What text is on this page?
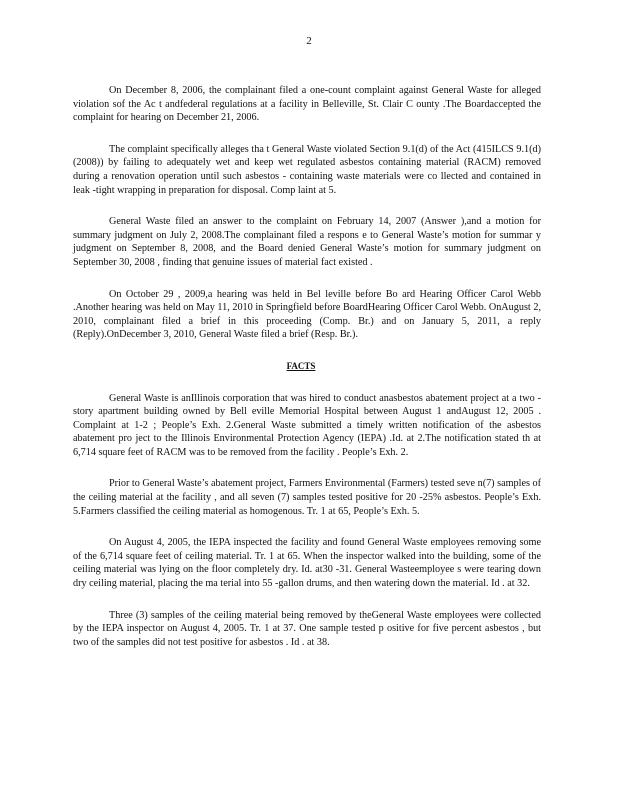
2

On December 8, 2006, the complainant filed a one-count complaint against General Waste for alleged violation sof the Ac t andfederal regulations at a facility in Belleville, St. Clair C ounty .The Boardaccepted the complaint for hearing on December 21, 2006.

The complaint specifically alleges tha t General Waste violated Section 9.1(d) of the Act (415ILCS 9.1(d) (2008)) by failing to adequately wet and keep wet regulated asbestos containing material (RACM) removed during a renovation operation until such asbestos - containing waste materials were co llected and contained in leak -tight wrapping in preparation for disposal. Comp laint at 5.

General Waste filed an answer to the complaint on February 14, 2007 (Answer ),and a motion for summary judgment on July 2, 2008.The complainant filed a respons e to General Waste’s motion for summar y judgment on September 8, 2008, and the Board denied General Waste’s motion for summary judgment on September 30, 2008 , finding that genuine issues of material fact existed .

On October 29 , 2009,a hearing was held in Bel leville before Bo ard Hearing Officer Carol Webb .Another hearing was held on May 11, 2010 in Springfield before BoardHearing Officer Carol Webb. OnAugust 2, 2010, complainant filed a brief in this proceeding (Comp. Br.) and on January 5, 2011, a reply (Reply).OnDecember 3, 2010, General Waste filed a brief (Resp. Br.).

FACTS

General Waste is anIllinois corporation that was hired to conduct anasbestos abatement project at a two -story apartment building owned by Bell eville Memorial Hospital between August 1 andAugust 12, 2005 . Complaint at 1-2 ; People’s Exh. 2.General Waste submitted a timely written notification of the asbestos abatement pro ject to the Illinois Environmental Protection Agency (IEPA) .Id. at 2.The notification stated th at 6,714 square feet of RACM was to be removed from the facility . People’s Exh. 2.

Prior to General Waste’s abatement project, Farmers Environmental (Farmers) tested seve n(7) samples of the ceiling material at the facility , and all seven (7) samples tested positive for 20 -25% asbestos. People’s Exh. 5.Farmers classified the ceiling material as homogenous. Tr. 1 at 65, People’s Exh. 5.

On August 4, 2005, the IEPA inspected the facility and found General Waste employees removing some of the 6,714 square feet of ceiling material. Tr. 1 at 65. When the inspector walked into the building, some of the ceiling material was lying on the floor completely dry. Id. at30 -31. General Wasteemployee s were tearing down dry ceiling material, placing the ma terial into 55 -gallon drums, and then watering down the material. Id . at 32.

Three (3) samples of the ceiling material being removed by theGeneral Waste employees were collected by the IEPA inspector on August 4, 2005. Tr. 1 at 37. One sample tested p ositive for five percent asbestos , but two of the samples did not test positive for asbestos . Id . at 38.
